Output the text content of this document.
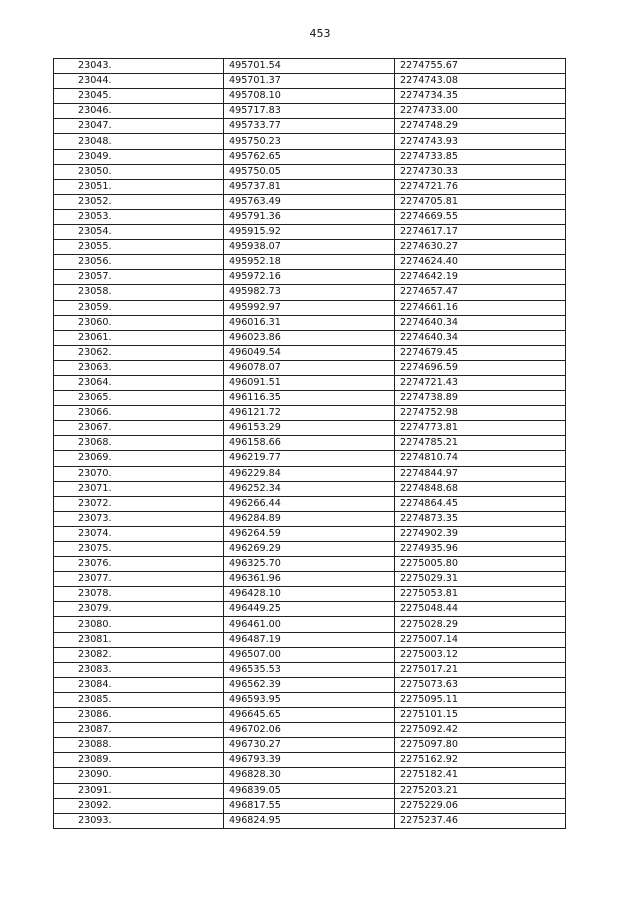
453
23043.	495701.54	2274755.67
23044.	495701.37	2274743.08
23045.	495708.10	2274734.35
23046.	495717.83	2274733.00
23047.	495733.77	2274748.29
23048.	495750.23	2274743.93
23049.	495762.65	2274733.85
23050.	495750.05	2274730.33
23051.	495737.81	2274721.76
23052.	495763.49	2274705.81
23053.	495791.36	2274669.55
23054.	495915.92	2274617.17
23055.	495938.07	2274630.27
23056.	495952.18	2274624.40
23057.	495972.16	2274642.19
23058.	495982.73	2274657.47
23059.	495992.97	2274661.16
23060.	496016.31	2274640.34
23061.	496023.86	2274640.34
23062.	496049.54	2274679.45
23063.	496078.07	2274696.59
23064.	496091.51	2274721.43
23065.	496116.35	2274738.89
23066.	496121.72	2274752.98
23067.	496153.29	2274773.81
23068.	496158.66	2274785.21
23069.	496219.77	2274810.74
23070.	496229.84	2274844.97
23071.	496252.34	2274848.68
23072.	496266.44	2274864.45
23073.	496284.89	2274873.35
23074.	496264.59	2274902.39
23075.	496269.29	2274935.96
23076.	496325.70	2275005.80
23077.	496361.96	2275029.31
23078.	496428.10	2275053.81
23079.	496449.25	2275048.44
23080.	496461.00	2275028.29
23081.	496487.19	2275007.14
23082.	496507.00	2275003.12
23083.	496535.53	2275017.21
23084.	496562.39	2275073.63
23085.	496593.95	2275095.11
23086.	496645.65	2275101.15
23087.	496702.06	2275092.42
23088.	496730.27	2275097.80
23089.	496793.39	2275162.92
23090.	496828.30	2275182.41
23091.	496839.05	2275203.21
23092.	496817.55	2275229.06
23093.	496824.95	2275237.46
